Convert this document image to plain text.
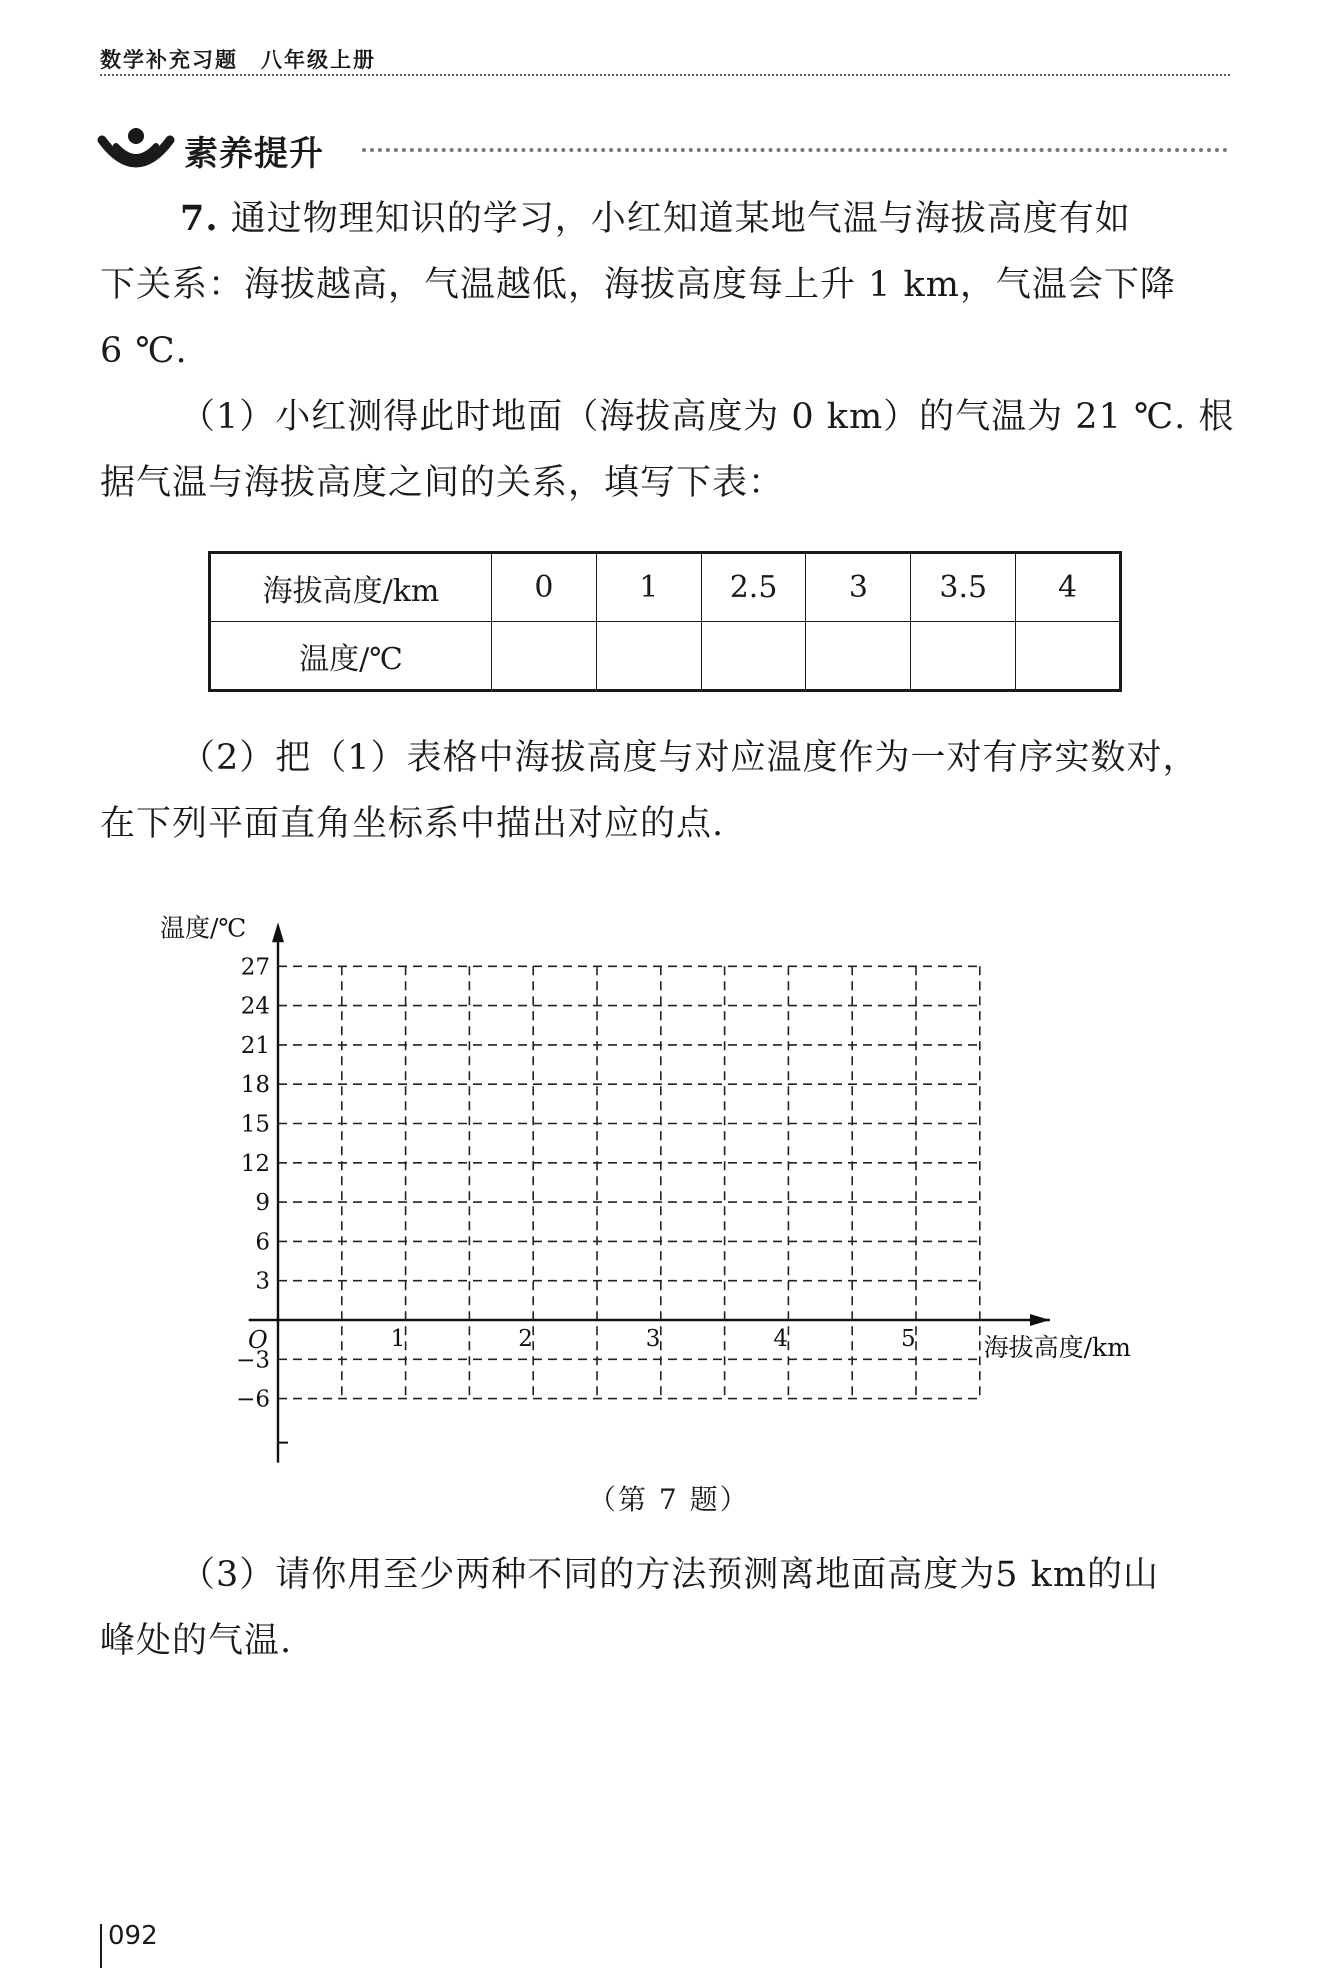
数学补充习题　八年级上册
素养提升
7. 通过物理知识的学习，小红知道某地气温与海拔高度有如
下关系：海拔越高，气温越低，海拔高度每上升 1 km，气温会下降
6 ℃.
（1）小红测得此时地面（海拔高度为 0 km）的气温为 21 ℃. 根
据气温与海拔高度之间的关系，填写下表：
海拔高度/km	0	1	2.5	3	3.5	4
温度/℃						
（2）把（1）表格中海拔高度与对应温度作为一对有序实数对，
在下列平面直角坐标系中描出对应的点.
海拔高度/km
温度/℃
O	1	2	3	4	5
27
24
21
18
15
12
9
6
3
−3
−6
（第 7 题）
（3）请你用至少两种不同的方法预测离地面高度为5 km的山
峰处的气温.
092
